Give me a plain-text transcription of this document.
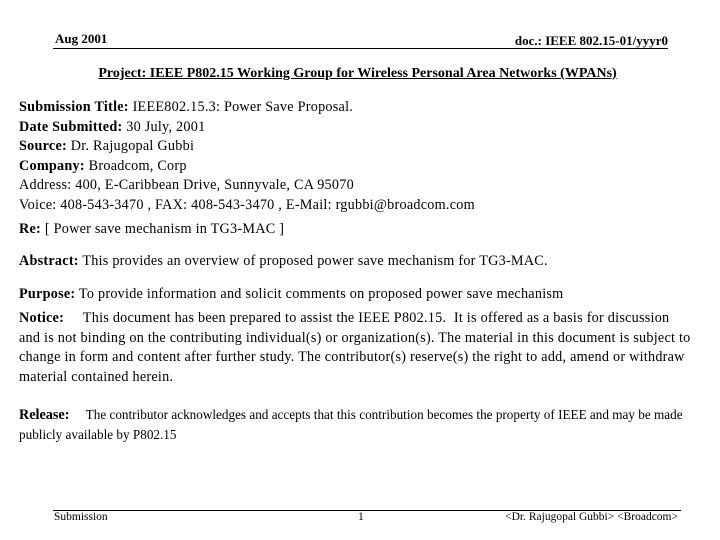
Aug 2001	doc.: IEEE 802.15-01/yyyr0
Project: IEEE P802.15 Working Group for Wireless Personal Area Networks (WPANs)
Submission Title: IEEE802.15.3: Power Save Proposal.
Date Submitted: 30 July, 2001
Source: Dr. Rajugopal Gubbi
Company: Broadcom, Corp
Address: 400, E-Caribbean Drive, Sunnyvale, CA 95070
Voice: 408-543-3470 , FAX: 408-543-3470 , E-Mail: rgubbi@broadcom.com
Re: [ Power save mechanism in TG3-MAC ]
Abstract: This provides an overview of proposed power save mechanism for TG3-MAC.
Purpose: To provide information and solicit comments on proposed power save mechanism
Notice:     This document has been prepared to assist the IEEE P802.15.  It is offered as a basis for discussion and is not binding on the contributing individual(s) or organization(s). The material in this document is subject to change in form and content after further study. The contributor(s) reserve(s) the right to add, amend or withdraw material contained herein.
Release:     The contributor acknowledges and accepts that this contribution becomes the property of IEEE and may be made publicly available by P802.15
Submission	1	<Dr. Rajugopal Gubbi> <Broadcom>
